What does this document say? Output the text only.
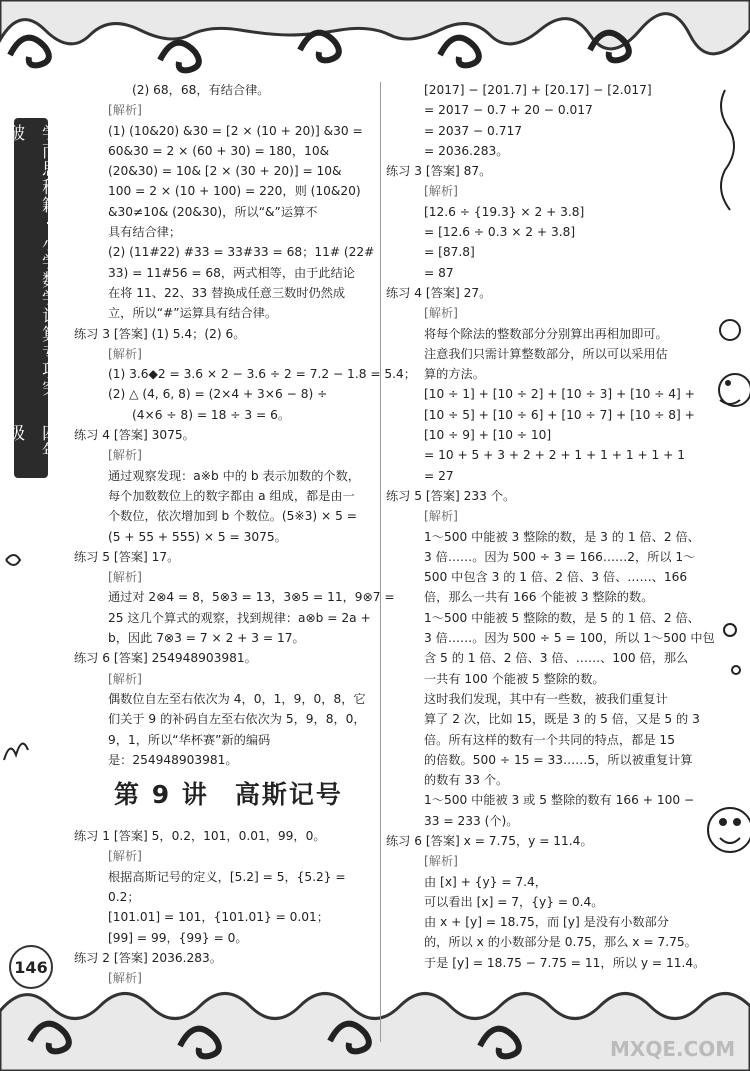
MXQE.COM
学而思秘籍·小学数学计算专项突破
四年级
146
(2) 68，68，有结合律。
[解析]
(1) (10&20) &30 = [2 × (10 + 20)] &30 =
60&30 = 2 × (60 + 30) = 180，10&
(20&30) = 10& [2 × (30 + 20)] = 10&
100 = 2 × (10 + 100) = 220，则 (10&20)
&30≠10& (20&30)，所以“&”运算不
具有结合律；
(2) (11#22) #33 = 33#33 = 68；11# (22#
33) = 11#56 = 68，两式相等，由于此结论
在将 11、22、33 替换成任意三数时仍然成
立，所以“#”运算具有结合律。
练习 3 [答案] (1) 5.4；(2) 6。
[解析]
(1) 3.6◆2 = 3.6 × 2 − 3.6 ÷ 2 = 7.2 − 1.8 = 5.4；
(2) △ (4, 6, 8) = (2×4 + 3×6 − 8) ÷
(4×6 ÷ 8) = 18 ÷ 3 = 6。
练习 4 [答案] 3075。
[解析]
通过观察发现：a※b 中的 b 表示加数的个数，
每个加数数位上的数字都由 a 组成，都是由一
个数位，依次增加到 b 个数位。(5※3) × 5 =
(5 + 55 + 555) × 5 = 3075。
练习 5 [答案] 17。
[解析]
通过对 2⊗4 = 8，5⊗3 = 13，3⊗5 = 11，9⊗7 =
25 这几个算式的观察，找到规律：a⊗b = 2a +
b，因此 7⊗3 = 7 × 2 + 3 = 17。
练习 6 [答案] 254948903981。
[解析]
偶数位自左至右依次为 4，0，1，9，0，8，它
们关于 9 的补码自左至右依次为 5，9，8，0，
9，1，所以“华杯赛”新的编码
是：254948903981。
第 9 讲 高斯记号
练习 1 [答案] 5，0.2，101，0.01，99，0。
[解析]
根据高斯记号的定义，[5.2] = 5，{5.2} =
0.2；
[101.01] = 101，{101.01} = 0.01；
[99] = 99，{99} = 0。
练习 2 [答案] 2036.283。
[解析]
[2017] − [201.7] + [20.17] − [2.017]
= 2017 − 0.7 + 20 − 0.017
= 2037 − 0.717
= 2036.283。
练习 3 [答案] 87。
[解析]
[12.6 ÷ {19.3} × 2 + 3.8]
= [12.6 ÷ 0.3 × 2 + 3.8]
= [87.8]
= 87
练习 4 [答案] 27。
[解析]
将每个除法的整数部分分别算出再相加即可。
注意我们只需计算整数部分，所以可以采用估
算的方法。
[10 ÷ 1] + [10 ÷ 2] + [10 ÷ 3] + [10 ÷ 4] +
[10 ÷ 5] + [10 ÷ 6] + [10 ÷ 7] + [10 ÷ 8] +
[10 ÷ 9] + [10 ÷ 10]
= 10 + 5 + 3 + 2 + 2 + 1 + 1 + 1 + 1 + 1
= 27
练习 5 [答案] 233 个。
[解析]
1～500 中能被 3 整除的数，是 3 的 1 倍、2 倍、
3 倍……。因为 500 ÷ 3 = 166……2，所以 1～
500 中包含 3 的 1 倍、2 倍、3 倍、……、166
倍，那么一共有 166 个能被 3 整除的数。
1～500 中能被 5 整除的数，是 5 的 1 倍、2 倍、
3 倍……。因为 500 ÷ 5 = 100，所以 1～500 中包
含 5 的 1 倍、2 倍、3 倍、……、100 倍，那么
一共有 100 个能被 5 整除的数。
这时我们发现，其中有一些数，被我们重复计
算了 2 次，比如 15，既是 3 的 5 倍，又是 5 的 3
倍。所有这样的数有一个共同的特点，都是 15
的倍数。500 ÷ 15 = 33……5，所以被重复计算
的数有 33 个。
1～500 中能被 3 或 5 整除的数有 166 + 100 −
33 = 233 (个)。
练习 6 [答案] x = 7.75，y = 11.4。
[解析]
由 [x] + {y} = 7.4，
可以看出 [x] = 7，{y} = 0.4。
由 x + [y] = 18.75，而 [y] 是没有小数部分
的，所以 x 的小数部分是 0.75，那么 x = 7.75。
于是 [y] = 18.75 − 7.75 = 11，所以 y = 11.4。
